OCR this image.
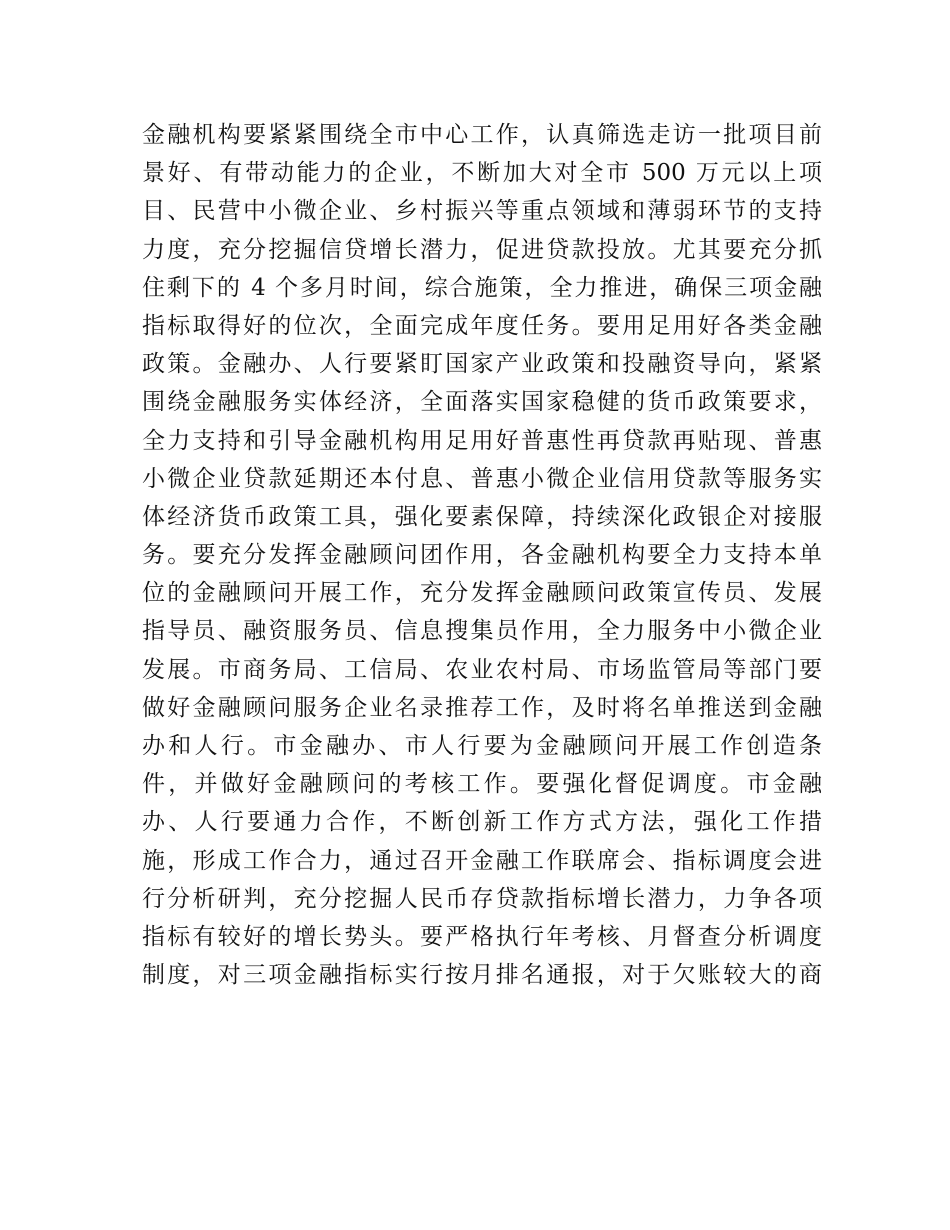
金融机构要紧紧围绕全市中心工作，认真筛选走访一批项目前
景好、有带动能力的企业，不断加大对全市 500 万元以上项
目、民营中小微企业、乡村振兴等重点领域和薄弱环节的支持
力度，充分挖掘信贷增长潜力，促进贷款投放。尤其要充分抓
住剩下的 4 个多月时间，综合施策，全力推进，确保三项金融
指标取得好的位次，全面完成年度任务。要用足用好各类金融
政策。金融办、人行要紧盯国家产业政策和投融资导向，紧紧
围绕金融服务实体经济，全面落实国家稳健的货币政策要求，
全力支持和引导金融机构用足用好普惠性再贷款再贴现、普惠
小微企业贷款延期还本付息、普惠小微企业信用贷款等服务实
体经济货币政策工具，强化要素保障，持续深化政银企对接服
务。要充分发挥金融顾问团作用，各金融机构要全力支持本单
位的金融顾问开展工作，充分发挥金融顾问政策宣传员、发展
指导员、融资服务员、信息搜集员作用，全力服务中小微企业
发展。市商务局、工信局、农业农村局、市场监管局等部门要
做好金融顾问服务企业名录推荐工作，及时将名单推送到金融
办和人行。市金融办、市人行要为金融顾问开展工作创造条
件，并做好金融顾问的考核工作。要强化督促调度。市金融
办、人行要通力合作，不断创新工作方式方法，强化工作措
施，形成工作合力，通过召开金融工作联席会、指标调度会进
行分析研判，充分挖掘人民币存贷款指标增长潜力，力争各项
指标有较好的增长势头。要严格执行年考核、月督查分析调度
制度，对三项金融指标实行按月排名通报，对于欠账较大的商
